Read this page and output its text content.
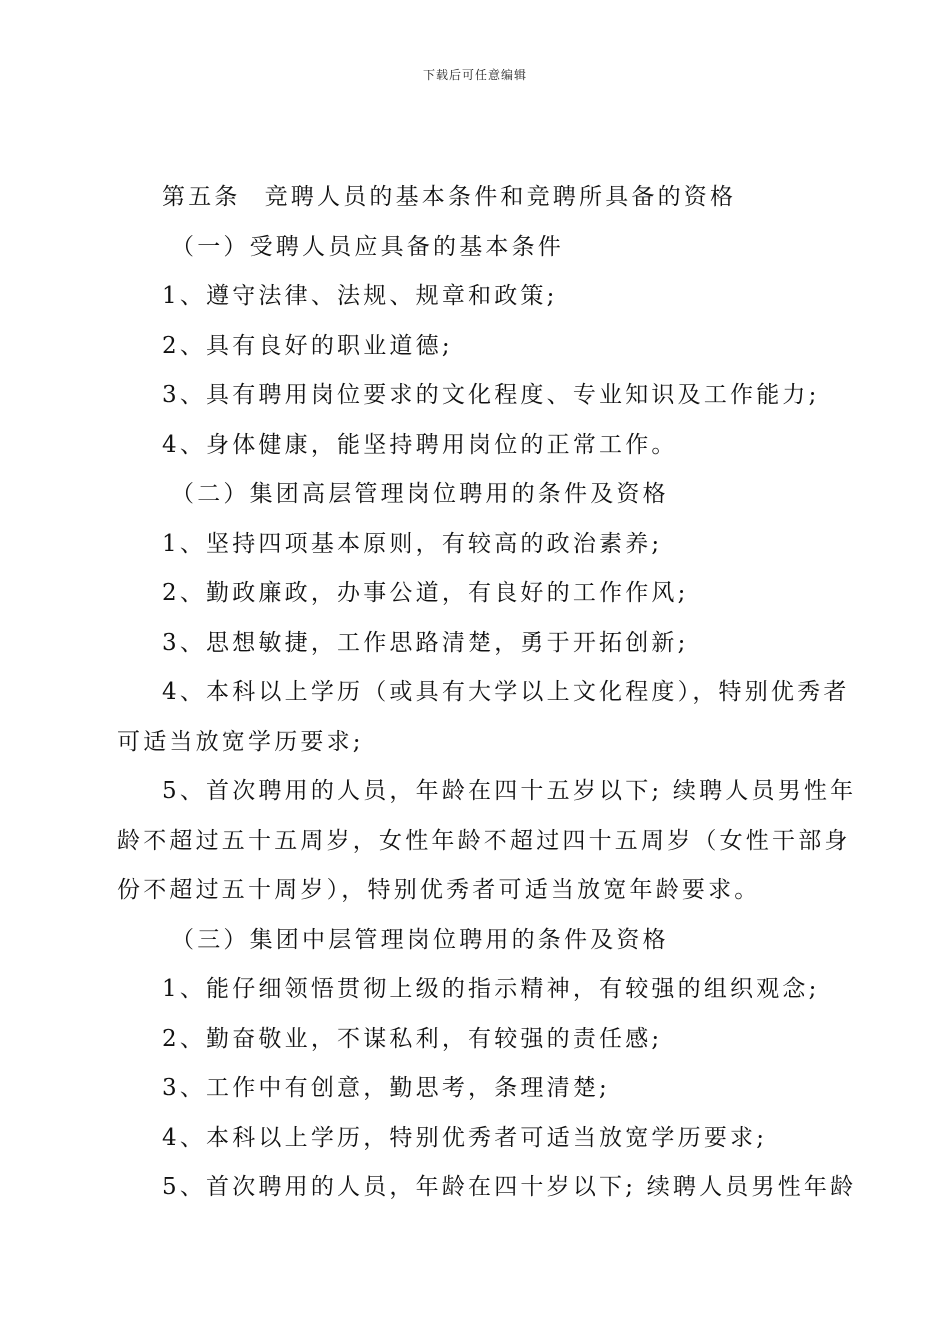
下载后可任意编辑
第五条 竞聘人员的基本条件和竞聘所具备的资格
（一）受聘人员应具备的基本条件
1、遵守法律、法规、规章和政策;
2、具有良好的职业道德;
3、具有聘用岗位要求的文化程度、专业知识及工作能力;
4、身体健康，能坚持聘用岗位的正常工作。
（二）集团高层管理岗位聘用的条件及资格
1、坚持四项基本原则，有较高的政治素养;
2、勤政廉政，办事公道，有良好的工作作风;
3、思想敏捷，工作思路清楚，勇于开拓创新;
4、本科以上学历（或具有大学以上文化程度），特别优秀者
可适当放宽学历要求;
5、首次聘用的人员，年龄在四十五岁以下; 续聘人员男性年
龄不超过五十五周岁，女性年龄不超过四十五周岁（女性干部身
份不超过五十周岁），特别优秀者可适当放宽年龄要求。
（三）集团中层管理岗位聘用的条件及资格
1、能仔细领悟贯彻上级的指示精神，有较强的组织观念;
2、勤奋敬业，不谋私利，有较强的责任感;
3、工作中有创意，勤思考，条理清楚;
4、本科以上学历，特别优秀者可适当放宽学历要求;
5、首次聘用的人员，年龄在四十岁以下; 续聘人员男性年龄
